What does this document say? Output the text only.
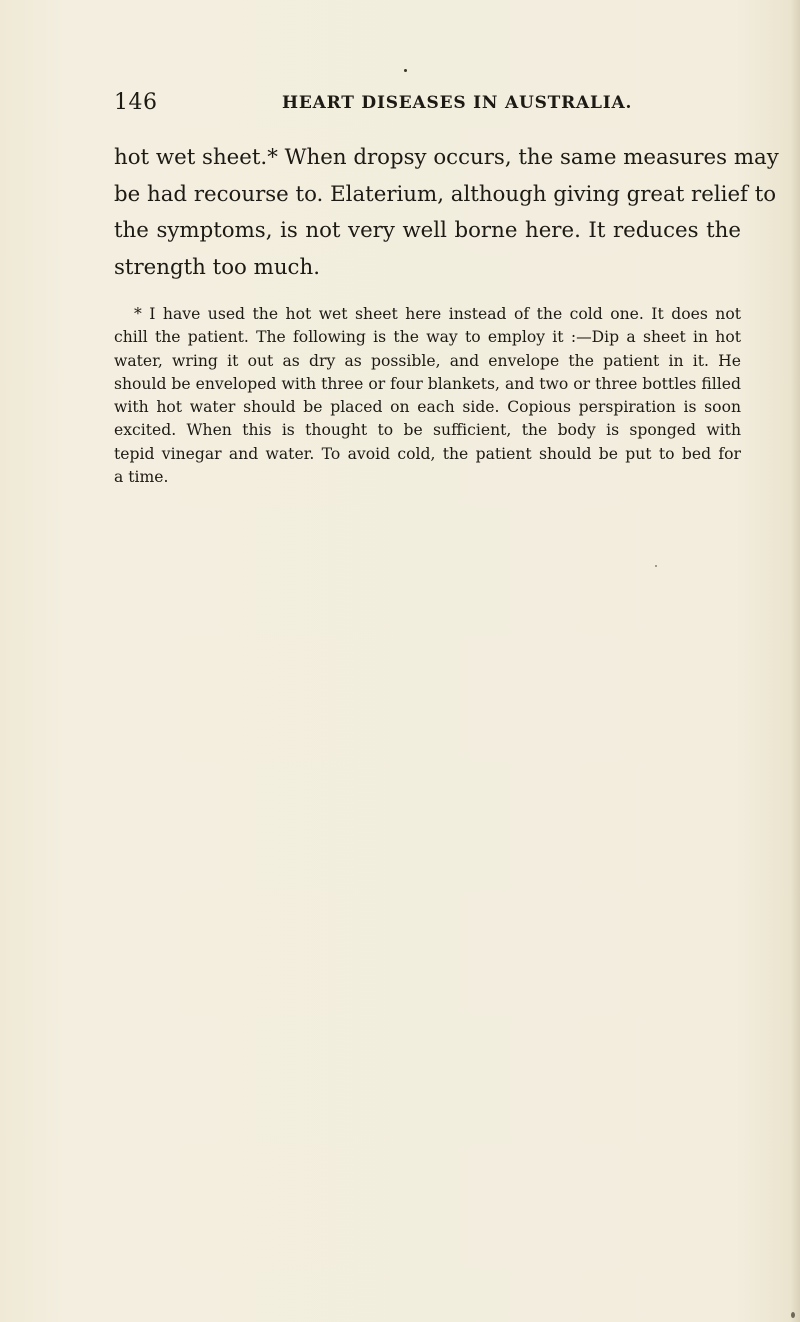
146	HEART DISEASES IN AUSTRALIA.
hot wet sheet.* When dropsy occurs, the same measures may
be had recourse to. Elaterium, although giving great relief to
the symptoms, is not very well borne here. It reduces the
strength too much.
* I have used the hot wet sheet here instead of the cold one. It does not
chill the patient. The following is the way to employ it :—Dip a sheet in hot
water, wring it out as dry as possible, and envelope the patient in it. He
should be enveloped with three or four blankets, and two or three bottles filled
with hot water should be placed on each side. Copious perspiration is soon
excited. When this is thought to be sufficient, the body is sponged with
tepid vinegar and water. To avoid cold, the patient should be put to bed for
a time.
